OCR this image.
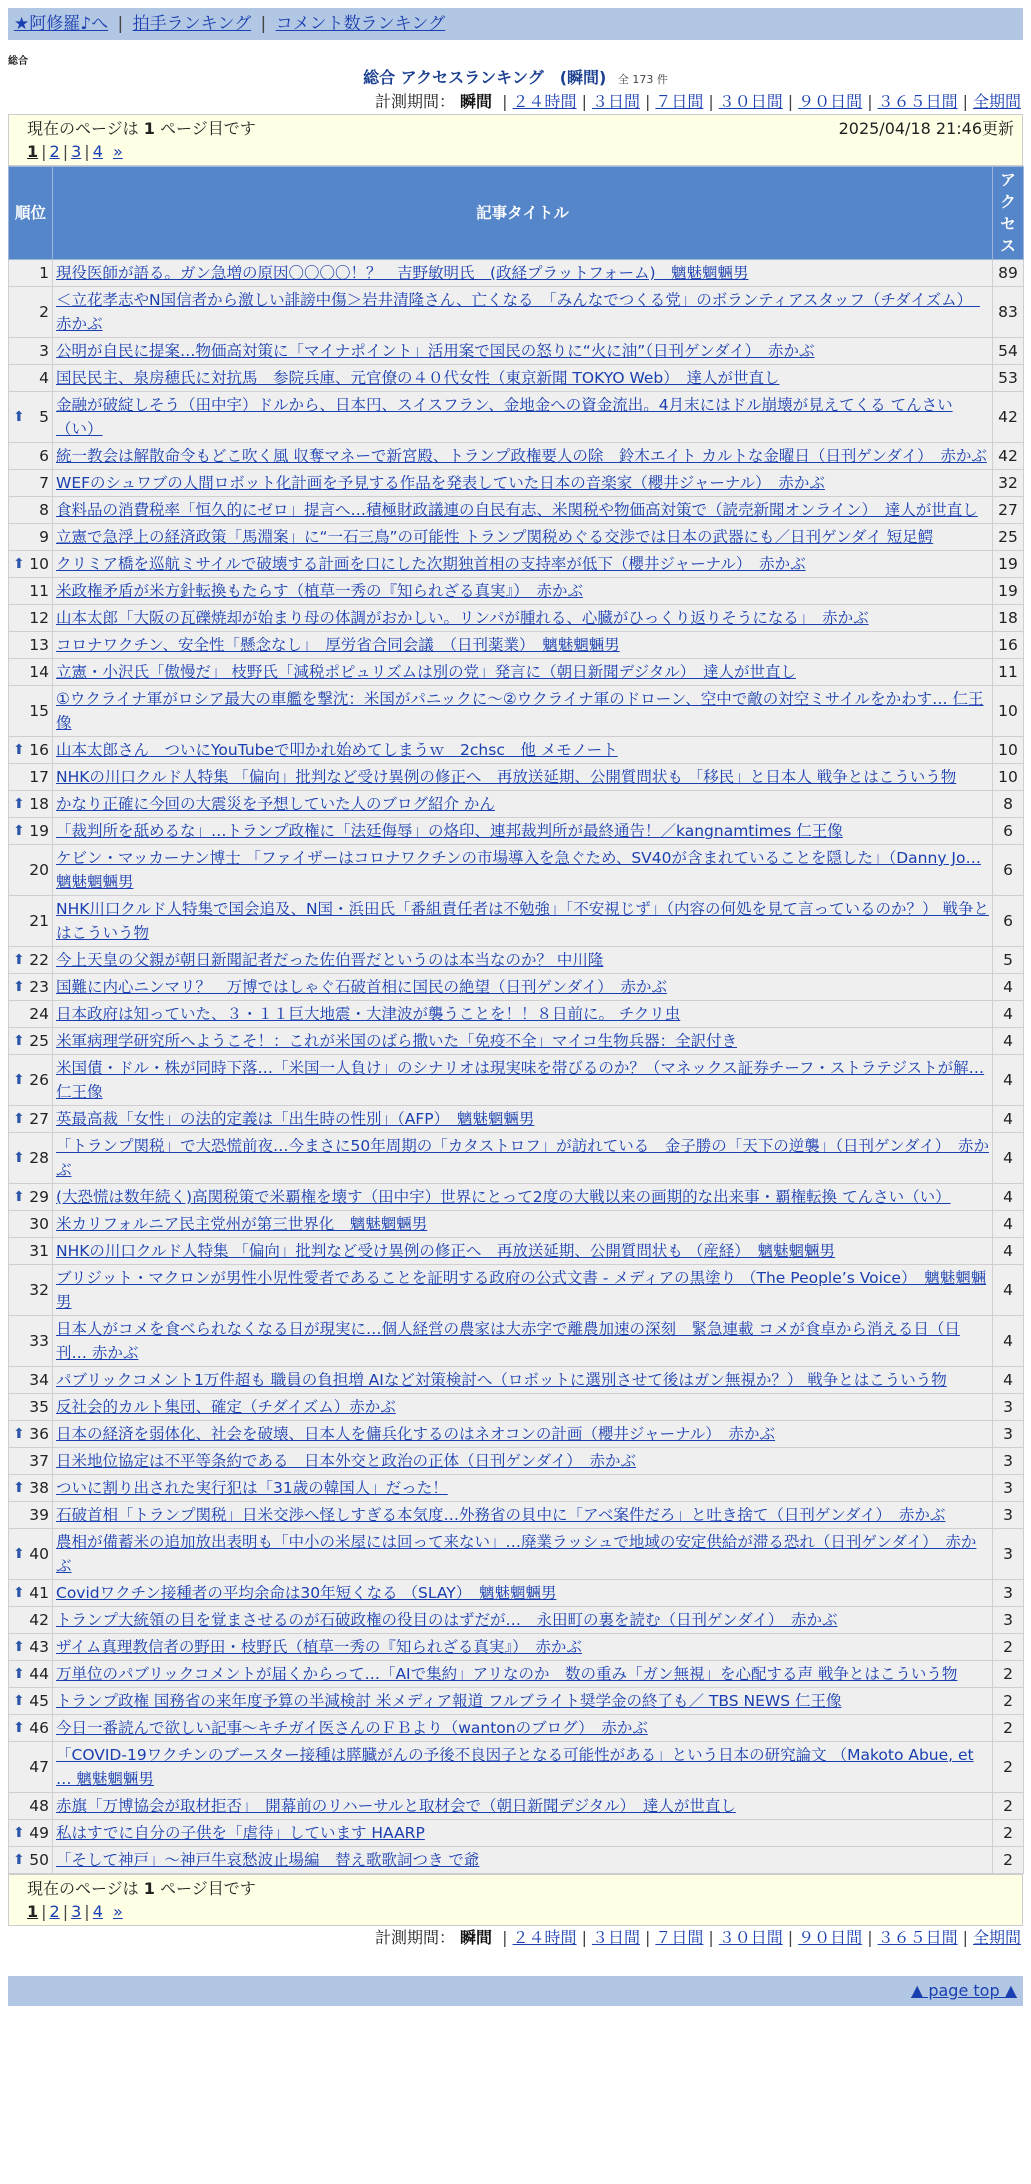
★阿修羅♪へ | 拍手ランキング | コメント数ランキング
総合
総合 アクセスランキング　(瞬間) 全 173 件
計測期間： 瞬間 | ２４時間 | ３日間 | ７日間 | ３０日間 | ９０日間 | ３６５日間 | 全期間
現在のページは 1 ページ目です	2025/04/18 21:46更新
1 | 2 | 3 | 4 »
順位	記事タイトル	アクセス
1	現役医師が語る。ガン急増の原因〇〇〇〇！？　吉野敏明氏　(政経プラットフォーム)　魑魅魍魎男	89
2	＜立花孝志やN国信者から激しい誹謗中傷＞岩井清隆さん、亡くなる　「みんなでつくる党」のボランティアスタッフ（チダイズム）　赤かぶ	83
3	公明が自民に提案…物価高対策に「マイナポイント」活用案で国民の怒りに“火に油”（日刊ゲンダイ）　赤かぶ	54
4	国民民主、泉房穂氏に対抗馬　参院兵庫、元官僚の４０代女性（東京新聞 TOKYO Web）　達人が世直し	53

⬆ 5	金融が破綻しそう（田中宇）ドルから、日本円、スイスフラン、金地金への資金流出。4月末にはドル崩壊が見えてくる てんさい（い）	42
6	統一教会は解散命令もどこ吹く風 収奪マネーで新宮殿、トランプ政権要人の除　鈴木エイト カルトな金曜日（日刊ゲンダイ）　赤かぶ	42
7	WEFのシュワブの人間ロボット化計画を予見する作品を発表していた日本の音楽家（櫻井ジャーナル）　赤かぶ	32
8	食料品の消費税率「恒久的にゼロ」提言へ…積極財政議連の自民有志、米関税や物価高対策で（読売新聞オンライン）　達人が世直し	27
9	立憲で急浮上の経済政策「馬淵案」に“一石三鳥”の可能性 トランプ関税めぐる交渉では日本の武器にも／日刊ゲンダイ 短足鰐	25

⬆ 10	クリミア橋を巡航ミサイルで破壊する計画を口にした次期独首相の支持率が低下（櫻井ジャーナル）　赤かぶ	19
11	米政権矛盾が米方針転換もたらす（植草一秀の『知られざる真実』）　赤かぶ	19
12	山本太郎「大阪の瓦礫焼却が始まり母の体調がおかしい。リンパが腫れる、心臓がひっくり返りそうになる」　赤かぶ	18
13	コロナワクチン、安全性「懸念なし」　厚労省合同会議　（日刊薬業）　魑魅魍魎男	16
14	立憲・小沢氏「傲慢だ」 枝野氏「減税ポピュリズムは別の党」発言に（朝日新聞デジタル）　達人が世直し	11
15	①ウクライナ軍がロシア最大の車艦を撃沈：米国がパニックに～②ウクライナ軍のドローン、空中で敵の対空ミサイルをかわす… 仁王像	10

⬆ 16	山本太郎さん　ついにYouTubeで叩かれ始めてしまうｗ　2chsc　他 メモノート	10
17	NHKの川口クルド人特集 「偏向」批判など受け異例の修正へ　再放送延期、公開質問状も 「移民」と日本人 戦争とはこういう物	10

⬆ 18	かなり正確に今回の大震災を予想していた人のブログ紹介 かん	8

⬆ 19	「裁判所を舐めるな」…トランプ政権に「法廷侮辱」の烙印、連邦裁判所が最終通告！／kangnamtimes 仁王像	6
20	ケビン・マッカーナン博士 「ファイザーはコロナワクチンの市場導入を急ぐため、SV40が含まれていることを隠した」（Danny Jo… 魑魅魍魎男	6
21	NHK川口クルド人特集で国会追及、N国・浜田氏「番組責任者は不勉強」「不安視じず」（内容の何処を見て言っているのか？） 戦争とはこういう物	6

⬆ 22	今上天皇の父親が朝日新聞記者だった佐伯晋だというのは本当なのか？ 中川隆	5

⬆ 23	国難に内心ニンマリ？　万博ではしゃぐ石破首相に国民の絶望（日刊ゲンダイ）　赤かぶ	4
24	日本政府は知っていた、３・１１巨大地震・大津波が襲うことを！！８日前に。 チクリ虫	4

⬆ 25	米軍病理学研究所へようこそ！：これが米国のばら撒いた「免疫不全」マイコ生物兵器：全訳付き	4

⬆ 26	米国債・ドル・株が同時下落…「米国一人負け」のシナリオは現実味を帯びるのか？（マネックス証券チーフ・ストラテジストが解… 仁王像	4

⬆ 27	英最高裁「女性」の法的定義は「出生時の性別」（AFP）　魑魅魍魎男	4

⬆ 28	「トランプ関税」で大恐慌前夜…今まさに50年周期の「カタストロフ」が訪れている　金子勝の「天下の逆襲」（日刊ゲンダイ）　赤かぶ	4

⬆ 29	(大恐慌は数年続く)高関税策で米覇権を壊す（田中宇）世界にとって2度の大戦以来の画期的な出来事・覇権転換 てんさい（い）	4
30	米カリフォルニア民主党州が第三世界化　魑魅魍魎男	4
31	NHKの川口クルド人特集 「偏向」批判など受け異例の修正へ　再放送延期、公開質問状も （産経）　魑魅魍魎男	4
32	ブリジット・マクロンが男性小児性愛者であることを証明する政府の公式文書 - メディアの黒塗り （The People’s Voice）　魑魅魍魎男	4
33	日本人がコメを食べられなくなる日が現実に…個人経営の農家は大赤字で離農加速の深刻　緊急連載 コメが食卓から消える日（日刊… 赤かぶ	4
34	パブリックコメント1万件超も 職員の負担増 AIなど対策検討へ（ロボットに選別させて後はガン無視か？） 戦争とはこういう物	4
35	反社会的カルト集団、確定（チダイズム）赤かぶ	3

⬆ 36	日本の経済を弱体化、社会を破壊、日本人を傭兵化するのはネオコンの計画（櫻井ジャーナル）　赤かぶ	3
37	日米地位協定は不平等条約である　日本外交と政治の正体（日刊ゲンダイ）　赤かぶ	3

⬆ 38	ついに割り出された実行犯は「31歳の韓国人」だった！	3
39	石破首相「トランプ関税」日米交渉へ怪しすぎる本気度…外務省の貝中に「アベ案件だろ」と吐き捨て（日刊ゲンダイ）　赤かぶ	3

⬆ 40	農相が備蓄米の追加放出表明も「中小の米屋には回って来ない」…廃業ラッシュで地域の安定供給が滞る恐れ（日刊ゲンダイ）　赤かぶ	3

⬆ 41	Covidワクチン接種者の平均余命は30年短くなる （SLAY）　魑魅魍魎男	3
42	トランプ大統領の目を覚まさせるのが石破政権の役目のはずだが…　永田町の裏を読む（日刊ゲンダイ）　赤かぶ	3

⬆ 43	ザイム真理教信者の野田・枝野氏（植草一秀の『知られざる真実』）　赤かぶ	2

⬆ 44	万単位のパブリックコメントが届くからって…「AIで集約」アリなのか　数の重み「ガン無視」を心配する声 戦争とはこういう物	2

⬆ 45	トランプ政権 国務省の来年度予算の半減検討 米メディア報道 フルブライト奨学金の終了も／ TBS NEWS 仁王像	2

⬆ 46	今日一番読んで欲しい記事～キチガイ医さんのＦＢより（wantonのブログ）　赤かぶ	2
47	「COVID-19ワクチンのブースター接種は膵臓がんの予後不良因子となる可能性がある」という日本の研究論文 （Makoto Abue, et … 魑魅魍魎男	2
48	赤旗「万博協会が取材拒否」　開幕前のリハーサルと取材会で（朝日新聞デジタル）　達人が世直し	2

⬆ 49	私はすでに自分の子供を「虐待」しています HAARP	2

⬆ 50	「そして神戸」～神戸牛哀愁波止場編　替え歌歌詞つき で爺	2
現在のページは 1 ページ目です
1 | 2 | 3 | 4 »
計測期間： 瞬間 | ２４時間 | ３日間 | ７日間 | ３０日間 | ９０日間 | ３６５日間 | 全期間
▲ page top ▲
